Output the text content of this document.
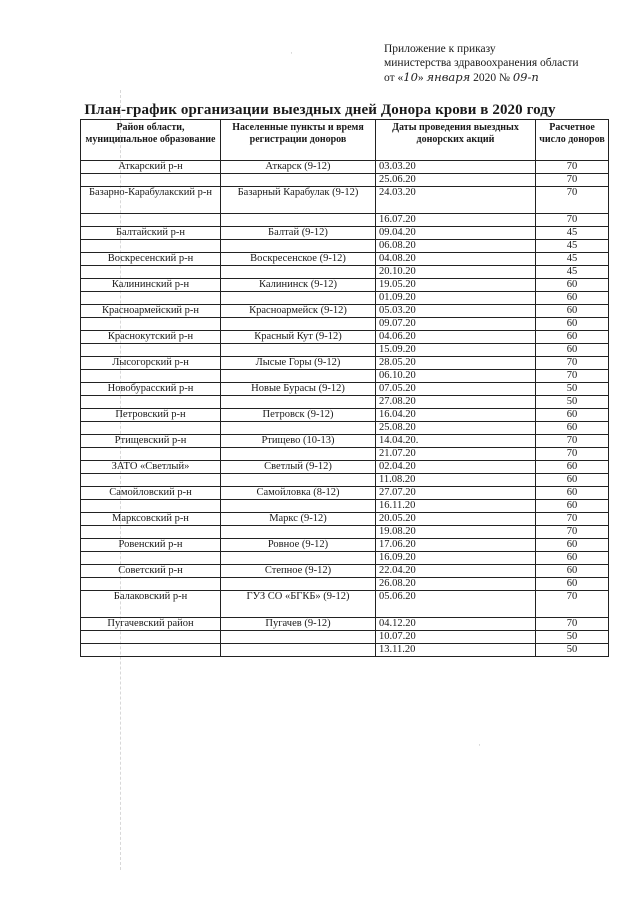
·
·
Приложение к приказу
министерства здравоохранения области
от «10» января 2020 № 09-п
План-график организации выездных дней Донора крови в 2020 году
Район области, муниципальное образование	Населенные пункты и время регистрации доноров	Даты проведения выездных донорских акций	Расчетное число доноров
Аткарский р-н	Аткарск (9-12)	03.03.20	70
		25.06.20	70
Базарно-Карабулакский р-н	Базарный Карабулак (9-12)	24.03.20	70
		16.07.20	70
Балтайский р-н	Балтай (9-12)	09.04.20	45
		06.08.20	45
Воскресенский р-н	Воскресенское (9-12)	04.08.20	45
		20.10.20	45
Калининский р-н	Калининск (9-12)	19.05.20	60
		01.09.20	60
Красноармейский р-н	Красноармейск (9-12)	05.03.20	60
		09.07.20	60
Краснокутский р-н	Красный Кут (9-12)	04.06.20	60
		15.09.20	60
Лысогорский р-н	Лысые Горы (9-12)	28.05.20	70
		06.10.20	70
Новобурасский р-н	Новые Бурасы (9-12)	07.05.20	50
		27.08.20	50
Петровский р-н	Петровск (9-12)	16.04.20	60
		25.08.20	60
Ртищевский р-н	Ртищево (10-13)	14.04.20.	70
		21.07.20	70
ЗАТО «Светлый»	Светлый (9-12)	02.04.20	60
		11.08.20	60
Самойловский р-н	Самойловка (8-12)	27.07.20	60
		16.11.20	60
Марксовский р-н	Маркс (9-12)	20.05.20	70
		19.08.20	70
Ровенский р-н	Ровное (9-12)	17.06.20	60
		16.09.20	60
Советский р-н	Степное (9-12)	22.04.20	60
		26.08.20	60
Балаковский р-н	ГУЗ СО «БГКБ» (9-12)	05.06.20	70
Пугачевский район	Пугачев (9-12)	04.12.20	70
		10.07.20	50
		13.11.20	50
